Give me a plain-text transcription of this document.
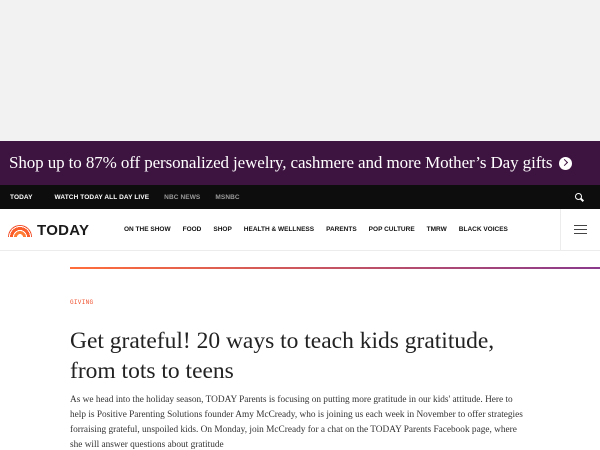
Shop up to 87% off personalized jewelry, cashmere and more Mother’s Day gifts
TODAY	WATCH TODAY ALL DAY LIVE NBC NEWS MSNBC
TODAY	ON THE SHOW FOOD SHOP HEALTH & WELLNESS PARENTS POP CULTURE TMRW BLACK VOICES
GIVING
Get grateful! 20 ways to teach kids gratitude, from tots to teens

As we head into the holiday season, TODAY Parents is focusing on putting more gratitude in our kids' attitude. Here to help is Positive Parenting Solutions founder Amy McCready, who is joining us each week in November to offer strategies forraising grateful, unspoiled kids. On Monday, join McCready for a chat on the TODAY Parents Facebook page, where she will answer questions about gratitude
